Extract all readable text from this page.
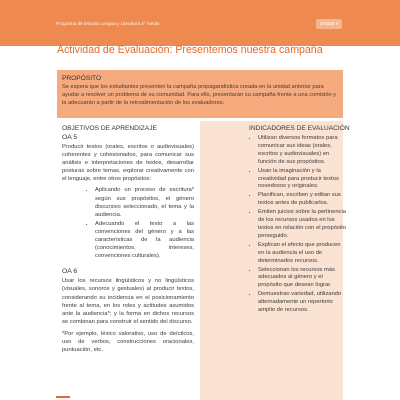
Programa de Estudio Lengua y Literatura 4° medio	Unidad 4
Actividad de Evaluación: Presentemos nuestra campaña
PROPÓSITO
Se espera que los estudiantes presenten la campaña propagandística creada en la unidad anterior para ayudar a resolver un problema de su comunidad. Para ello, presentarán su campaña frente a una comisión y la adecuarán a partir de la retroalimentación de los evaluadores.
OBJETIVOS DE APRENDIZAJE
OA 5
Producir textos (orales, escritos o audiovisuales) coherentes y cohesionados, para comunicar sus análisis e interpretaciones de textos, desarrollar posturas sobre temas, explorar creativamente con el lenguaje, entre otros propósitos:
• Aplicando un proceso de escritura* según sus propósitos, el género discursivo seleccionado, el tema y la audiencia.
• Adecuando el texto a las convenciones del género y a las características de la audiencia (conocimientos, intereses, convenciones culturales).
OA 6
Usar los recursos lingüísticos y no lingüísticos (visuales, sonoros y gestuales) al producir textos, considerando su incidencia en el posicionamiento frente al tema, en los roles y actitudes asumidos ante la audiencia*; y la forma en dichos recursos se combinan para construir el sentido del discurso.
*Por ejemplo, léxico valorativo, uso de deícticos, uso de verbos, construcciones oracionales, puntuación, etc.
INDICADORES DE EVALUACIÓN
• Utilizan diversos formatos para comunicar sus ideas (orales, escritos y audiovisuales) en función de sus propósitos.
• Usan la imaginación y la creatividad para producir textos novedosos y originales.
• Planifican, escriben y editan sus textos antes de publicarlos.
• Emiten juicios sobre la pertinencia de los recursos usados en los textos en relación con el propósito perseguido.
• Explican el efecto que producen en la audiencia el uso de determinados recursos.
• Seleccionan los recursos más adecuados al género y el propósito que desean lograr.
• Demuestran variedad, utilizando alternadamente un repertorio amplio de recursos.
